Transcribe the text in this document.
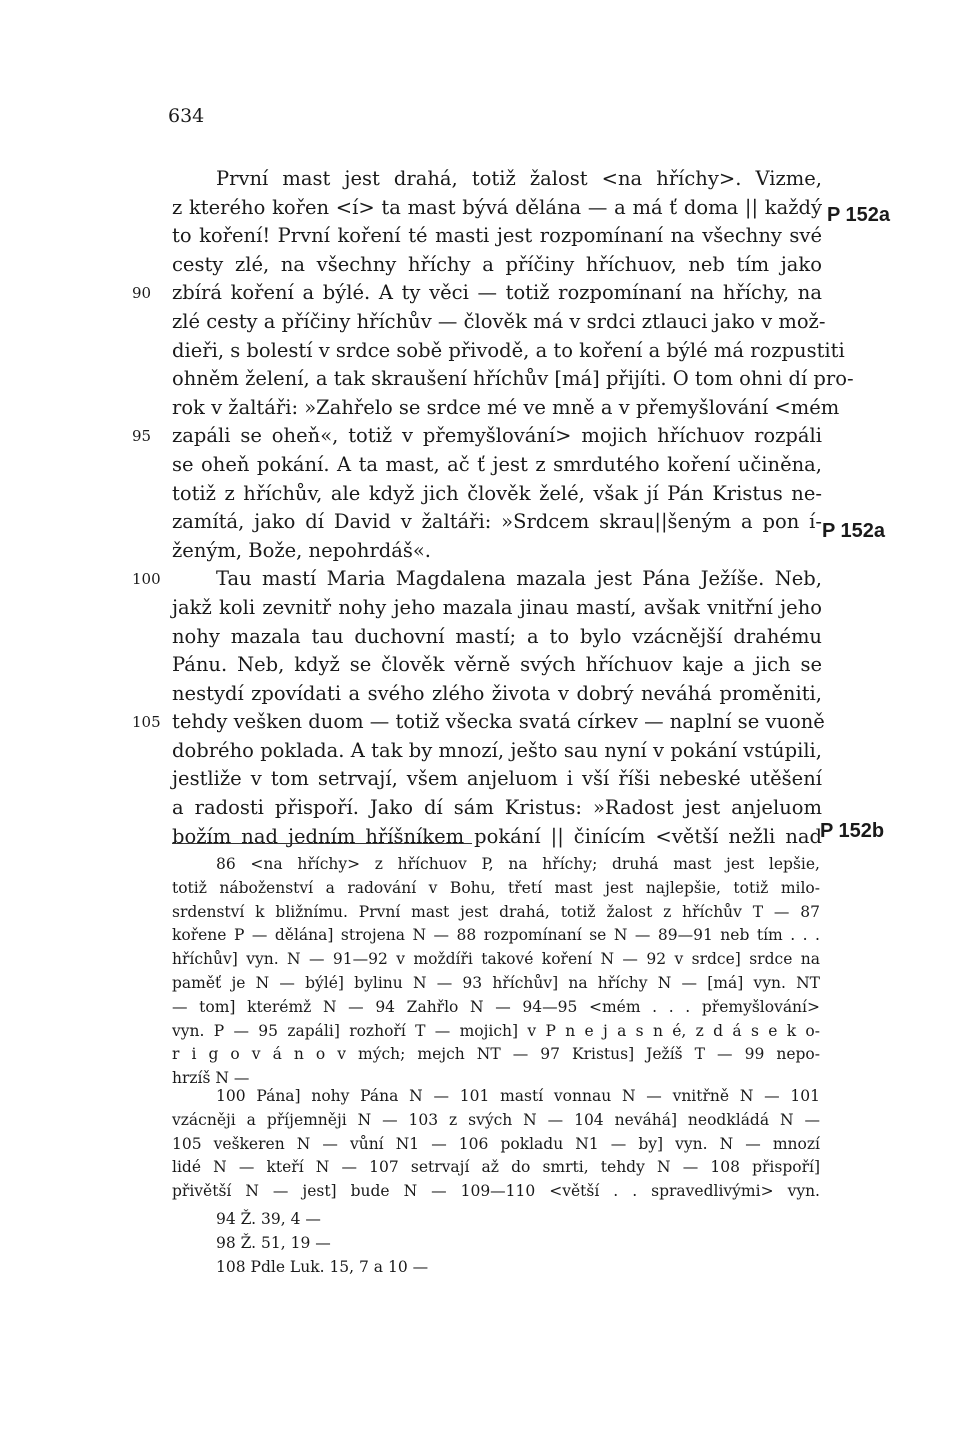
634
První mast jest drahá, totiž žalost <na hříchy>. Vizme,
z kterého kořen <í> ta mast bývá dělána — a má ť doma || každý
to koření! První koření té masti jest rozpomínaní na všechny své
cesty zlé, na všechny hříchy a příčiny hříchuov, neb tím jako
90	zbírá koření a býlé. A ty věci — totiž rozpomínaní na hříchy, na
zlé cesty a příčiny hříchův — člověk má v srdci ztlauci jako v mož-
dieři, s bolestí v srdce sobě přivodě, a to koření a býlé má rozpustiti
ohněm želení, a tak skraušení hříchův [má] přijíti. O tom ohni dí pro-
rok v žaltáři: »Zahřelo se srdce mé ve mně a v přemyšlování <mém
95	zapáli se oheň«, totiž v přemyšlování> mojich hříchuov rozpáli
se oheň pokání. A ta mast, ač ť jest z smrdutého koření učiněna,
totiž z hříchův, ale když jich člověk želé, však jí Pán Kristus ne-
zamítá, jako dí David v žaltáři: »Srdcem skrau||šeným a pon í-
ženým, Bože, nepohrdáš«.
100	Tau mastí Maria Magdalena mazala jest Pána Ježíše. Neb,
jakž koli zevnitř nohy jeho mazala jinau mastí, avšak vnitřní jeho
nohy mazala tau duchovní mastí; a to bylo vzácnější drahému
Pánu. Neb, když se člověk věrně svých hříchuov kaje a jich se
nestydí zpovídati a svého zlého života v dobrý neváhá proměniti,
105 tehdy vešken duom — totiž všecka svatá církev — naplní se vuoně
dobrého poklada. A tak by mnozí, ješto sau nyní v pokání vstúpili,
jestliže v tom setrvají, všem anjeluom i vší říši nebeské utěšení
a radosti přispoří. Jako dí sám Kristus: »Radost jest anjeluom
božím nad jedním hříšníkem pokání || činícím <větší nežli nad
P 152a
P 152a
P 152b
86 <na hříchy> z hříchuov P, na hříchy; druhá mast jest lepšie,
totiž náboženství a radování v Bohu, třetí mast jest najlepšie, totiž milo-
srdenství k bližnímu. První mast jest drahá, totiž žalost z hříchův T — 87
kořene P — dělána] strojena N — 88 rozpomínaní se N — 89—91 neb tím . . .
hříchův] vyn. N — 91—92 v moždíři takové koření N — 92 v srdce] srdce na
paměť je N — býlé] bylinu N — 93 hříchův] na hříchy N — [má] vyn. NT
— tom] kterémž N — 94 Zahřlo N — 94—95 <mém . . . přemyšlování>
vyn. P — 95 zapáli] rozhoří T — mojich] v P n e j a s n é, z d á s e k o-
r i g o v á n o v mých; mejch NT — 97 Kristus] Ježíš T — 99 nepo-
hrzíš N —
100 Pána] nohy Pána N — 101 mastí vonnau N — vnitřně N — 101
vzácněji a příjemněji N — 103 z svých N — 104 neváhá] neodkládá N —
105 veškeren N — vůní N1 — 106 pokladu N1 — by] vyn. N — mnozí
lidé N — kteří N — 107 setrvají až do smrti, tehdy N — 108 přispoří]
přivětší N — jest] bude N — 109—110 <větší . . spravedlivými> vyn.
94 Ž. 39, 4 —
98 Ž. 51, 19 —
108 Pdle Luk. 15, 7 a 10 —
